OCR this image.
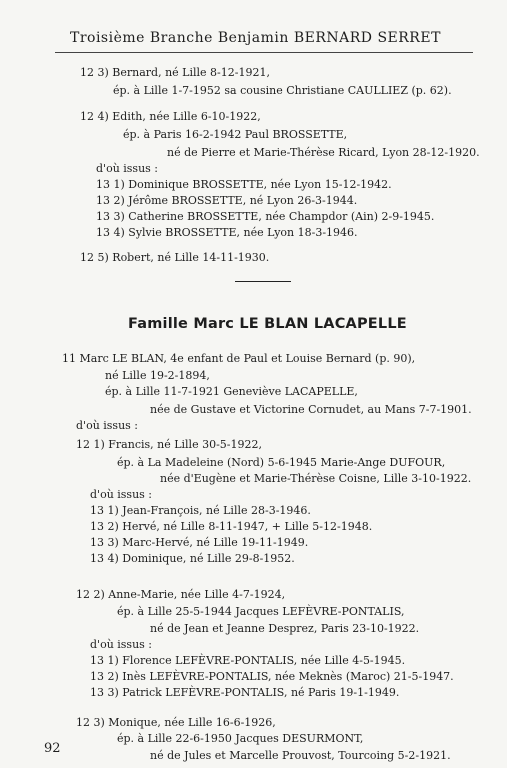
Troisième Branche Benjamin BERNARD SERRET
12 3) Bernard, né Lille 8-12-1921,
ép. à Lille 1-7-1952 sa cousine Christiane CAULLIEZ (p. 62).
12 4) Edith, née Lille 6-10-1922,
ép. à Paris 16-2-1942 Paul BROSSETTE,
né de Pierre et Marie-Thérèse Ricard, Lyon 28-12-1920.
d'où issus :
13 1) Dominique BROSSETTE, née Lyon 15-12-1942.
13 2) Jérôme BROSSETTE, né Lyon 26-3-1944.
13 3) Catherine BROSSETTE, née Champdor (Ain) 2-9-1945.
13 4) Sylvie BROSSETTE, née Lyon 18-3-1946.
12 5) Robert, né Lille 14-11-1930.
Famille Marc LE BLAN LACAPELLE
11 Marc LE BLAN, 4e enfant de Paul et Louise Bernard (p. 90),
né Lille 19-2-1894,
ép. à Lille 11-7-1921 Geneviève LACAPELLE,
née de Gustave et Victorine Cornudet, au Mans 7-7-1901.
d'où issus :
12 1) Francis, né Lille 30-5-1922,
ép. à La Madeleine (Nord) 5-6-1945 Marie-Ange DUFOUR,
née d'Eugène et Marie-Thérèse Coisne, Lille 3-10-1922.
d'où issus :
13 1) Jean-François, né Lille 28-3-1946.
13 2) Hervé, né Lille 8-11-1947, + Lille 5-12-1948.
13 3) Marc-Hervé, né Lille 19-11-1949.
13 4) Dominique, né Lille 29-8-1952.
12 2) Anne-Marie, née Lille 4-7-1924,
ép. à Lille 25-5-1944 Jacques LEFÈVRE-PONTALIS,
né de Jean et Jeanne Desprez, Paris 23-10-1922.
d'où issus :
13 1) Florence LEFÈVRE-PONTALIS, née Lille 4-5-1945.
13 2) Inès LEFÈVRE-PONTALIS, née Meknès (Maroc) 21-5-1947.
13 3) Patrick LEFÈVRE-PONTALIS, né Paris 19-1-1949.
12 3) Monique, née Lille 16-6-1926,
ép. à Lille 22-6-1950 Jacques DESURMONT,
né de Jules et Marcelle Prouvost, Tourcoing 5-2-1921.
92
